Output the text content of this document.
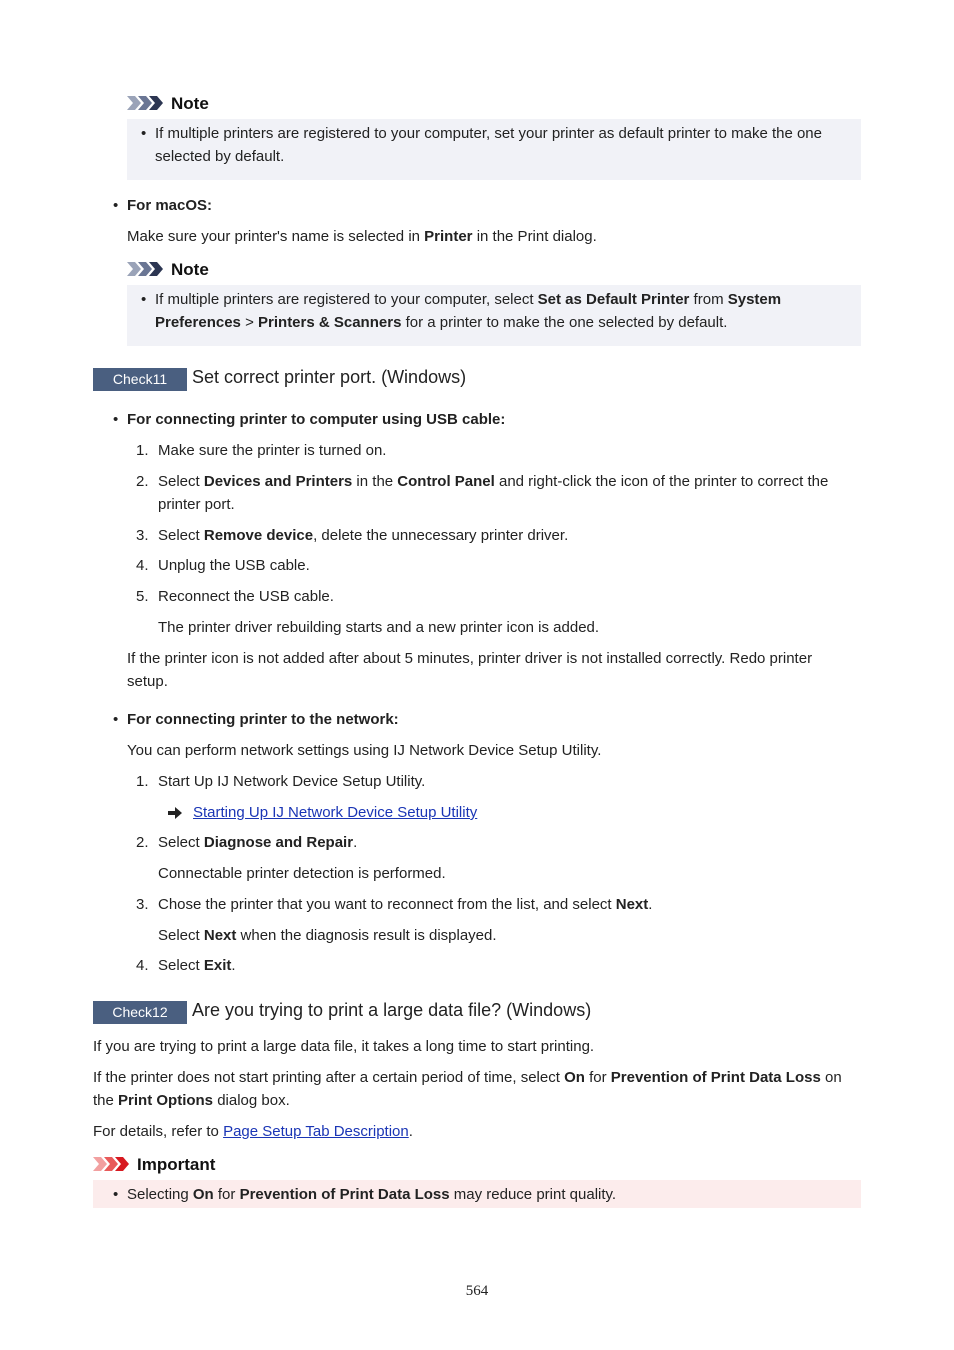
Note
• If multiple printers are registered to your computer, set your printer as default printer to make the one selected by default.
• For macOS:
Make sure your printer's name is selected in Printer in the Print dialog.
Note
• If multiple printers are registered to your computer, select Set as Default Printer from System Preferences > Printers & Scanners for a printer to make the one selected by default.
Check11	Set correct printer port. (Windows)
• For connecting printer to computer using USB cable:
1. Make sure the printer is turned on.
2. Select Devices and Printers in the Control Panel and right-click the icon of the printer to correct the printer port.
3. Select Remove device, delete the unnecessary printer driver.
4. Unplug the USB cable.
5. Reconnect the USB cable.
The printer driver rebuilding starts and a new printer icon is added.
If the printer icon is not added after about 5 minutes, printer driver is not installed correctly. Redo printer setup.
• For connecting printer to the network:
You can perform network settings using IJ Network Device Setup Utility.
1. Start Up IJ Network Device Setup Utility.
Starting Up IJ Network Device Setup Utility
2. Select Diagnose and Repair.
Connectable printer detection is performed.
3. Chose the printer that you want to reconnect from the list, and select Next.
Select Next when the diagnosis result is displayed.
4. Select Exit.
Check12	Are you trying to print a large data file? (Windows)
If you are trying to print a large data file, it takes a long time to start printing.
If the printer does not start printing after a certain period of time, select On for Prevention of Print Data Loss on the Print Options dialog box.
For details, refer to Page Setup Tab Description.
Important
• Selecting On for Prevention of Print Data Loss may reduce print quality.
564
